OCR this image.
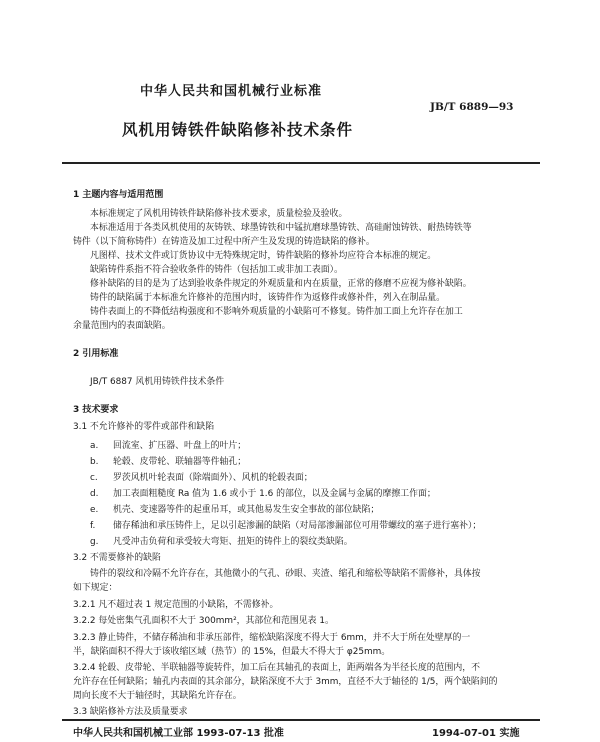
中华人民共和国机械行业标准
JB/T 6889—93
风机用铸铁件缺陷修补技术条件
1 主题内容与适用范围
本标准规定了风机用铸铁件缺陷修补技术要求，质量检验及验收。
本标准适用于各类风机使用的灰铸铁、球墨铸铁和中锰抗磨球墨铸铁、高硅耐蚀铸铁、耐热铸铁等
铸件（以下简称铸件）在铸造及加工过程中所产生及发现的铸造缺陷的修补。
凡图样、技术文件或订货协议中无特殊规定时，铸件缺陷的修补均应符合本标准的规定。
缺陷铸件系指不符合验收条件的铸件（包括加工或非加工表面）。
修补缺陷的目的是为了达到验收条件规定的外观质量和内在质量，正常的修磨不应视为修补缺陷。
铸件的缺陷属于本标准允许修补的范围内时，该铸件作为返修件或修补件，列入在制品量。
铸件表面上的不降低结构强度和不影响外观质量的小缺陷可不修复。铸件加工面上允许存在加工
余量范围内的表面缺陷。
2 引用标准
JB/T 6887 风机用铸铁件技术条件
3 技术要求
3.1 不允许修补的零件或部件和缺陷
a. 回流室、扩压器、叶盘上的叶片；
b. 轮毂、皮带轮、联轴器等件轴孔；
c. 罗茨风机叶轮表面（除端面外）、风机的轮毂表面；
d. 加工表面粗糙度 Ra 值为 1.6 或小于 1.6 的部位，以及金属与金属的摩擦工作面；
e. 机壳、变速器等件的起重吊耳，或其他易发生安全事故的部位缺陷；
f. 储存稀油和承压铸件上，足以引起渗漏的缺陷（对局部渗漏部位可用带螺纹的塞子进行塞补）；
g. 凡受冲击负荷和承受较大弯矩、扭矩的铸件上的裂纹类缺陷。
3.2 不需要修补的缺陷
铸件的裂纹和冷隔不允许存在，其他微小的气孔、砂眼、夹渣、缩孔和缩松等缺陷不需修补，具体按
如下规定：
3.2.1 凡不超过表 1 规定范围的小缺陷，不需修补。
3.2.2 每处密集气孔面积不大于 300mm²，其部位和范围见表 1。
3.2.3 静止铸件，不储存稀油和非承压部件，缩松缺陷深度不得大于 6mm，并不大于所在处壁厚的一
半，缺陷面积不得大于该收缩区域（热节）的 15%，但最大不得大于 φ25mm。
3.2.4 轮毂、皮带轮、半联轴器等旋转件，加工后在其轴孔的表面上，距两端各为半径长度的范围内，不
允许存在任何缺陷；轴孔内表面的其余部分，缺陷深度不大于 3mm，直径不大于轴径的 1/5，两个缺陷间的
周向长度不大于轴径时，其缺陷允许存在。
3.3 缺陷修补方法及质量要求
中华人民共和国机械工业部 1993-07-13 批准	1994-07-01 实施
